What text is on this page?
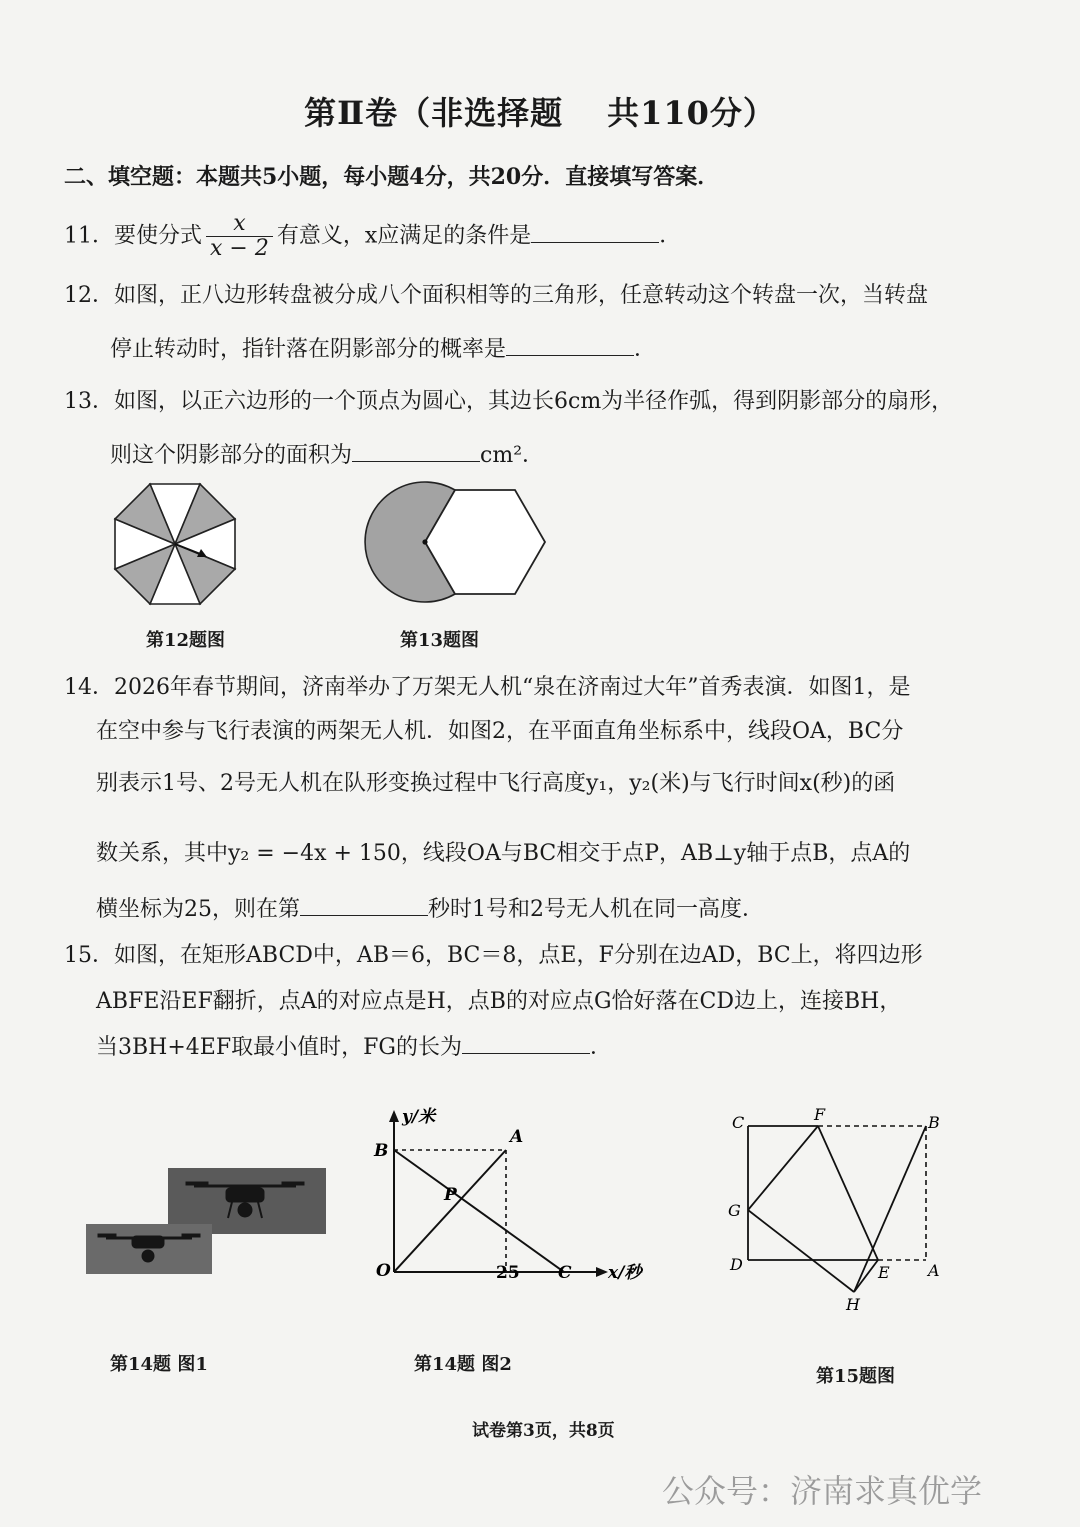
第Ⅱ卷（非选择题 共110分）
二、填空题：本题共5小题，每小题4分，共20分．直接填写答案．
11．要使分式 $\frac{x}{x - 2}$ 有意义，x应满足的条件是	．
12．如图，正八边形转盘被分成八个面积相等的三角形，任意转动这个转盘一次，当转盘
停止转动时，指针落在阴影部分的概率是	．
13．如图，以正六边形的一个顶点为圆心，其边长6cm为半径作弧，得到阴影部分的扇形，
则这个阴影部分的面积为	cm²．
第12题图	第13题图
14．2026年春节期间，济南举办了万架无人机“泉在济南过大年”首秀表演．如图1，是
在空中参与飞行表演的两架无人机．如图2，在平面直角坐标系中，线段OA，BC分
别表示1号、2号无人机在队形变换过程中飞行高度y₁，y₂(米)与飞行时间x(秒)的函
数关系，其中y₂ = −4x + 150，线段OA与BC相交于点P，AB⊥y轴于点B，点A的
横坐标为25，则在第	秒时1号和2号无人机在同一高度．
15．如图，在矩形ABCD中，AB＝6，BC＝8，点E，F分别在边AD，BC上，将四边形
ABFE沿EF翻折，点A的对应点是H，点B的对应点G恰好落在CD边上，连接BH，
当3BH+4EF取最小值时，FG的长为	．
y/米
x/秒
B
A
P
O	C
25
C	F	B
G
D	E A
H
第14题 图1	第14题 图2
第15题图
试卷第3页，共8页
公众号：济南求真优学
